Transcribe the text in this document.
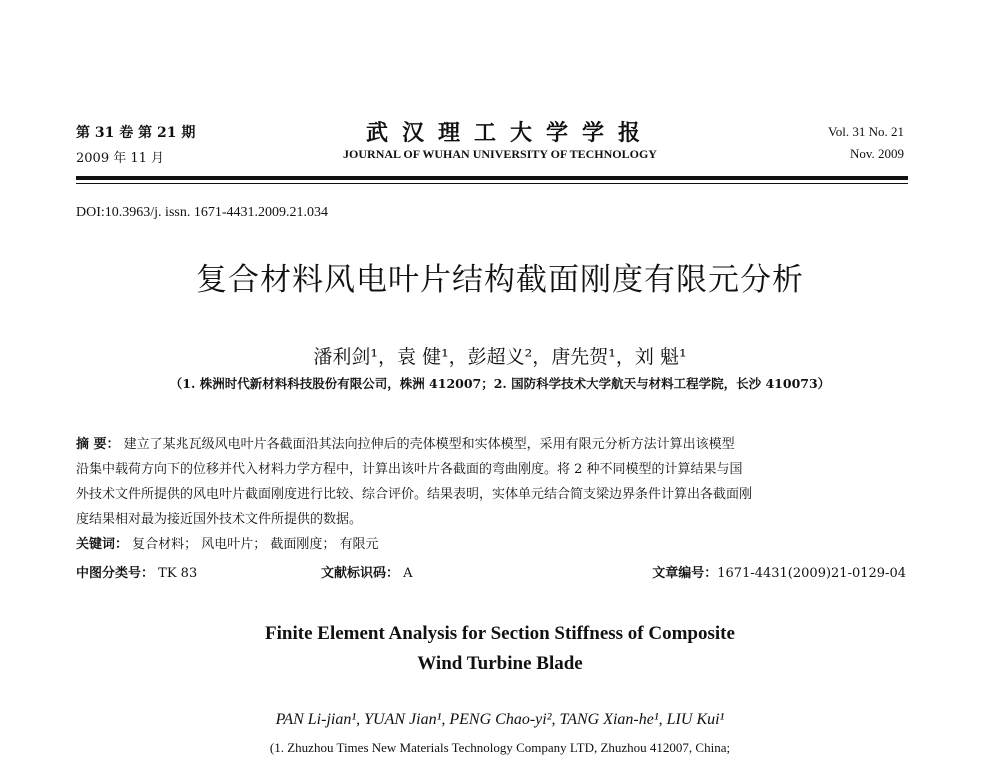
第 31 卷 第 21 期
2009 年 11 月
武汉理工大学学报
JOURNAL OF WUHAN UNIVERSITY OF TECHNOLOGY
Vol. 31 No. 21
Nov. 2009
DOI:10.3963/j. issn. 1671-4431.2009.21.034
复合材料风电叶片结构截面刚度有限元分析
潘利剑¹，袁 健¹，彭超义²，唐先贺¹，刘 魁¹
（1. 株洲时代新材料科技股份有限公司，株洲 412007；2. 国防科学技术大学航天与材料工程学院，长沙 410073）
摘 要： 建立了某兆瓦级风电叶片各截面沿其法向拉伸后的壳体模型和实体模型，采用有限元分析方法计算出该模型
沿集中载荷方向下的位移并代入材料力学方程中，计算出该叶片各截面的弯曲刚度。将 2 种不同模型的计算结果与国
外技术文件所提供的风电叶片截面刚度进行比较、综合评价。结果表明，实体单元结合简支梁边界条件计算出各截面刚
度结果相对最为接近国外技术文件所提供的数据。
关键词： 复合材料； 风电叶片； 截面刚度； 有限元
中图分类号： TK 83	文献标识码： A	文章编号：1671-4431(2009)21-0129-04
Finite Element Analysis for Section Stiffness of Composite
Wind Turbine Blade
PAN Li-jian¹, YUAN Jian¹, PENG Chao-yi², TANG Xian-he¹, LIU Kui¹
(1. Zhuzhou Times New Materials Technology Company LTD, Zhuzhou 412007, China;
